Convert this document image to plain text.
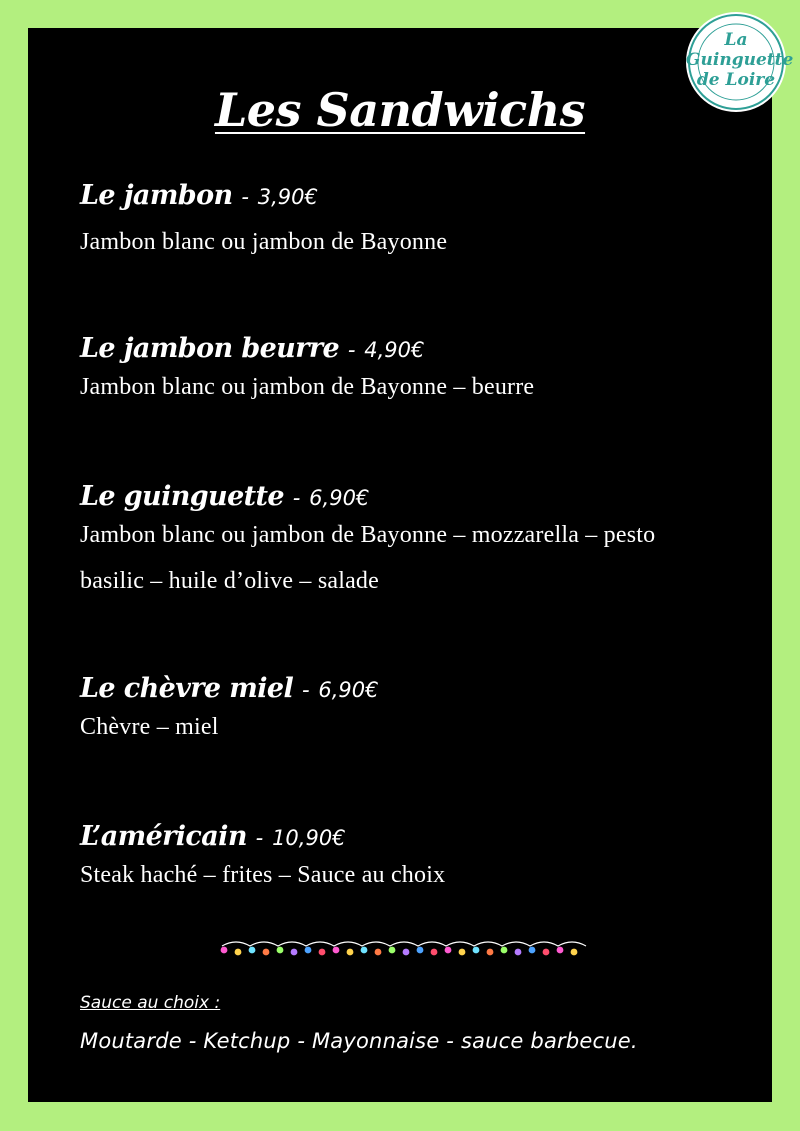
Les Sandwichs
Le jambon - 3,90€
Jambon blanc ou jambon de Bayonne
Le jambon beurre - 4,90€
Jambon blanc ou jambon de Bayonne – beurre
Le guinguette - 6,90€
Jambon blanc ou jambon de Bayonne – mozzarella – pesto
basilic – huile d’olive – salade
Le chèvre miel - 6,90€
Chèvre – miel
L’américain - 10,90€
Steak haché – frites – Sauce au choix
Sauce au choix :
Moutarde - Ketchup - Mayonnaise - sauce barbecue.
La
Guinguette
de Loire
